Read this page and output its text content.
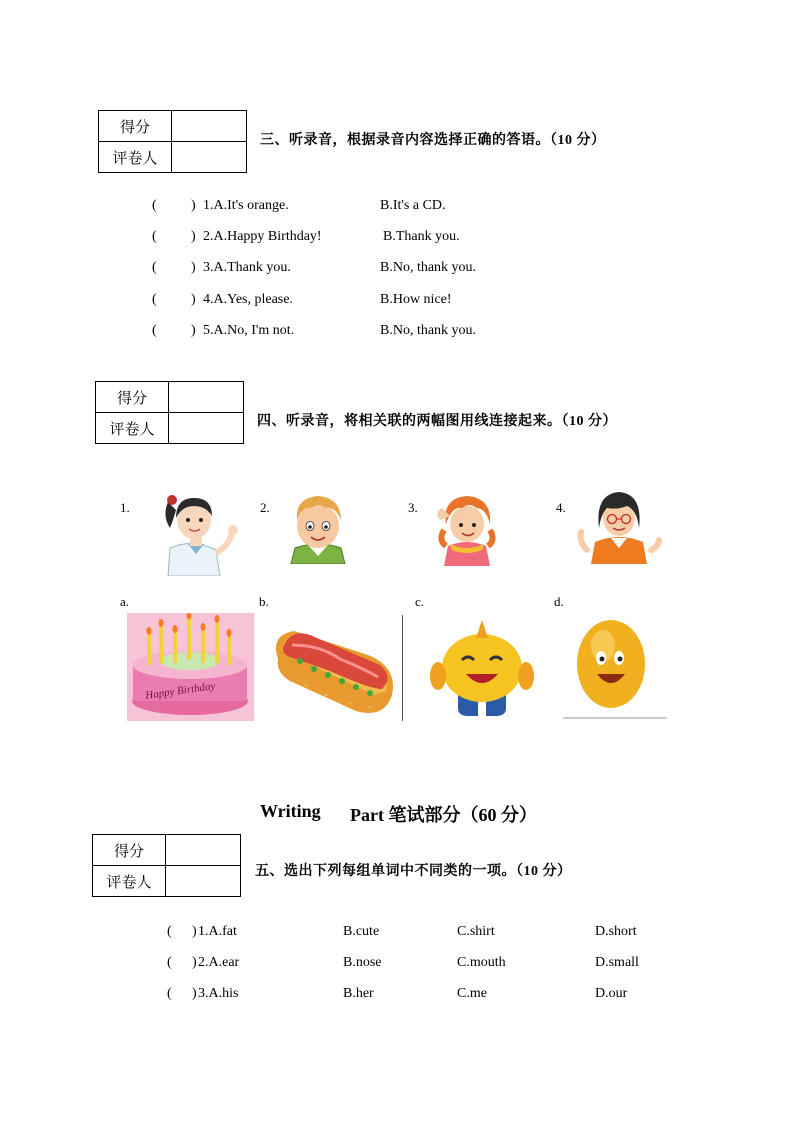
得分	
评卷人	
三、听录音，根据录音内容选择正确的答语。（10 分）
( ) 1.A.It's orange.	B.It's a CD.
( ) 2.A.Happy Birthday!	B.Thank you.
( ) 3.A.Thank you.	B.No, thank you.
( ) 4.A.Yes, please.	B.How nice!
( ) 5.A.No, I'm not.	B.No, thank you.
得分	
评卷人		四、听录音，将相关联的两幅图用线连接起来。（10 分）
1.	2.	3.	4.
a.	b.	c.	d.
Happy Birthday
Writing Part 笔试部分（60 分）
得分	
评卷人	
五、选出下列每组单词中不同类的一项。（10 分）
( ) 1.A.fat	B.cute	C.shirt	D.short
( ) 2.A.ear	B.nose	C.mouth	D.small
( ) 3.A.his	B.her	C.me	D.our
